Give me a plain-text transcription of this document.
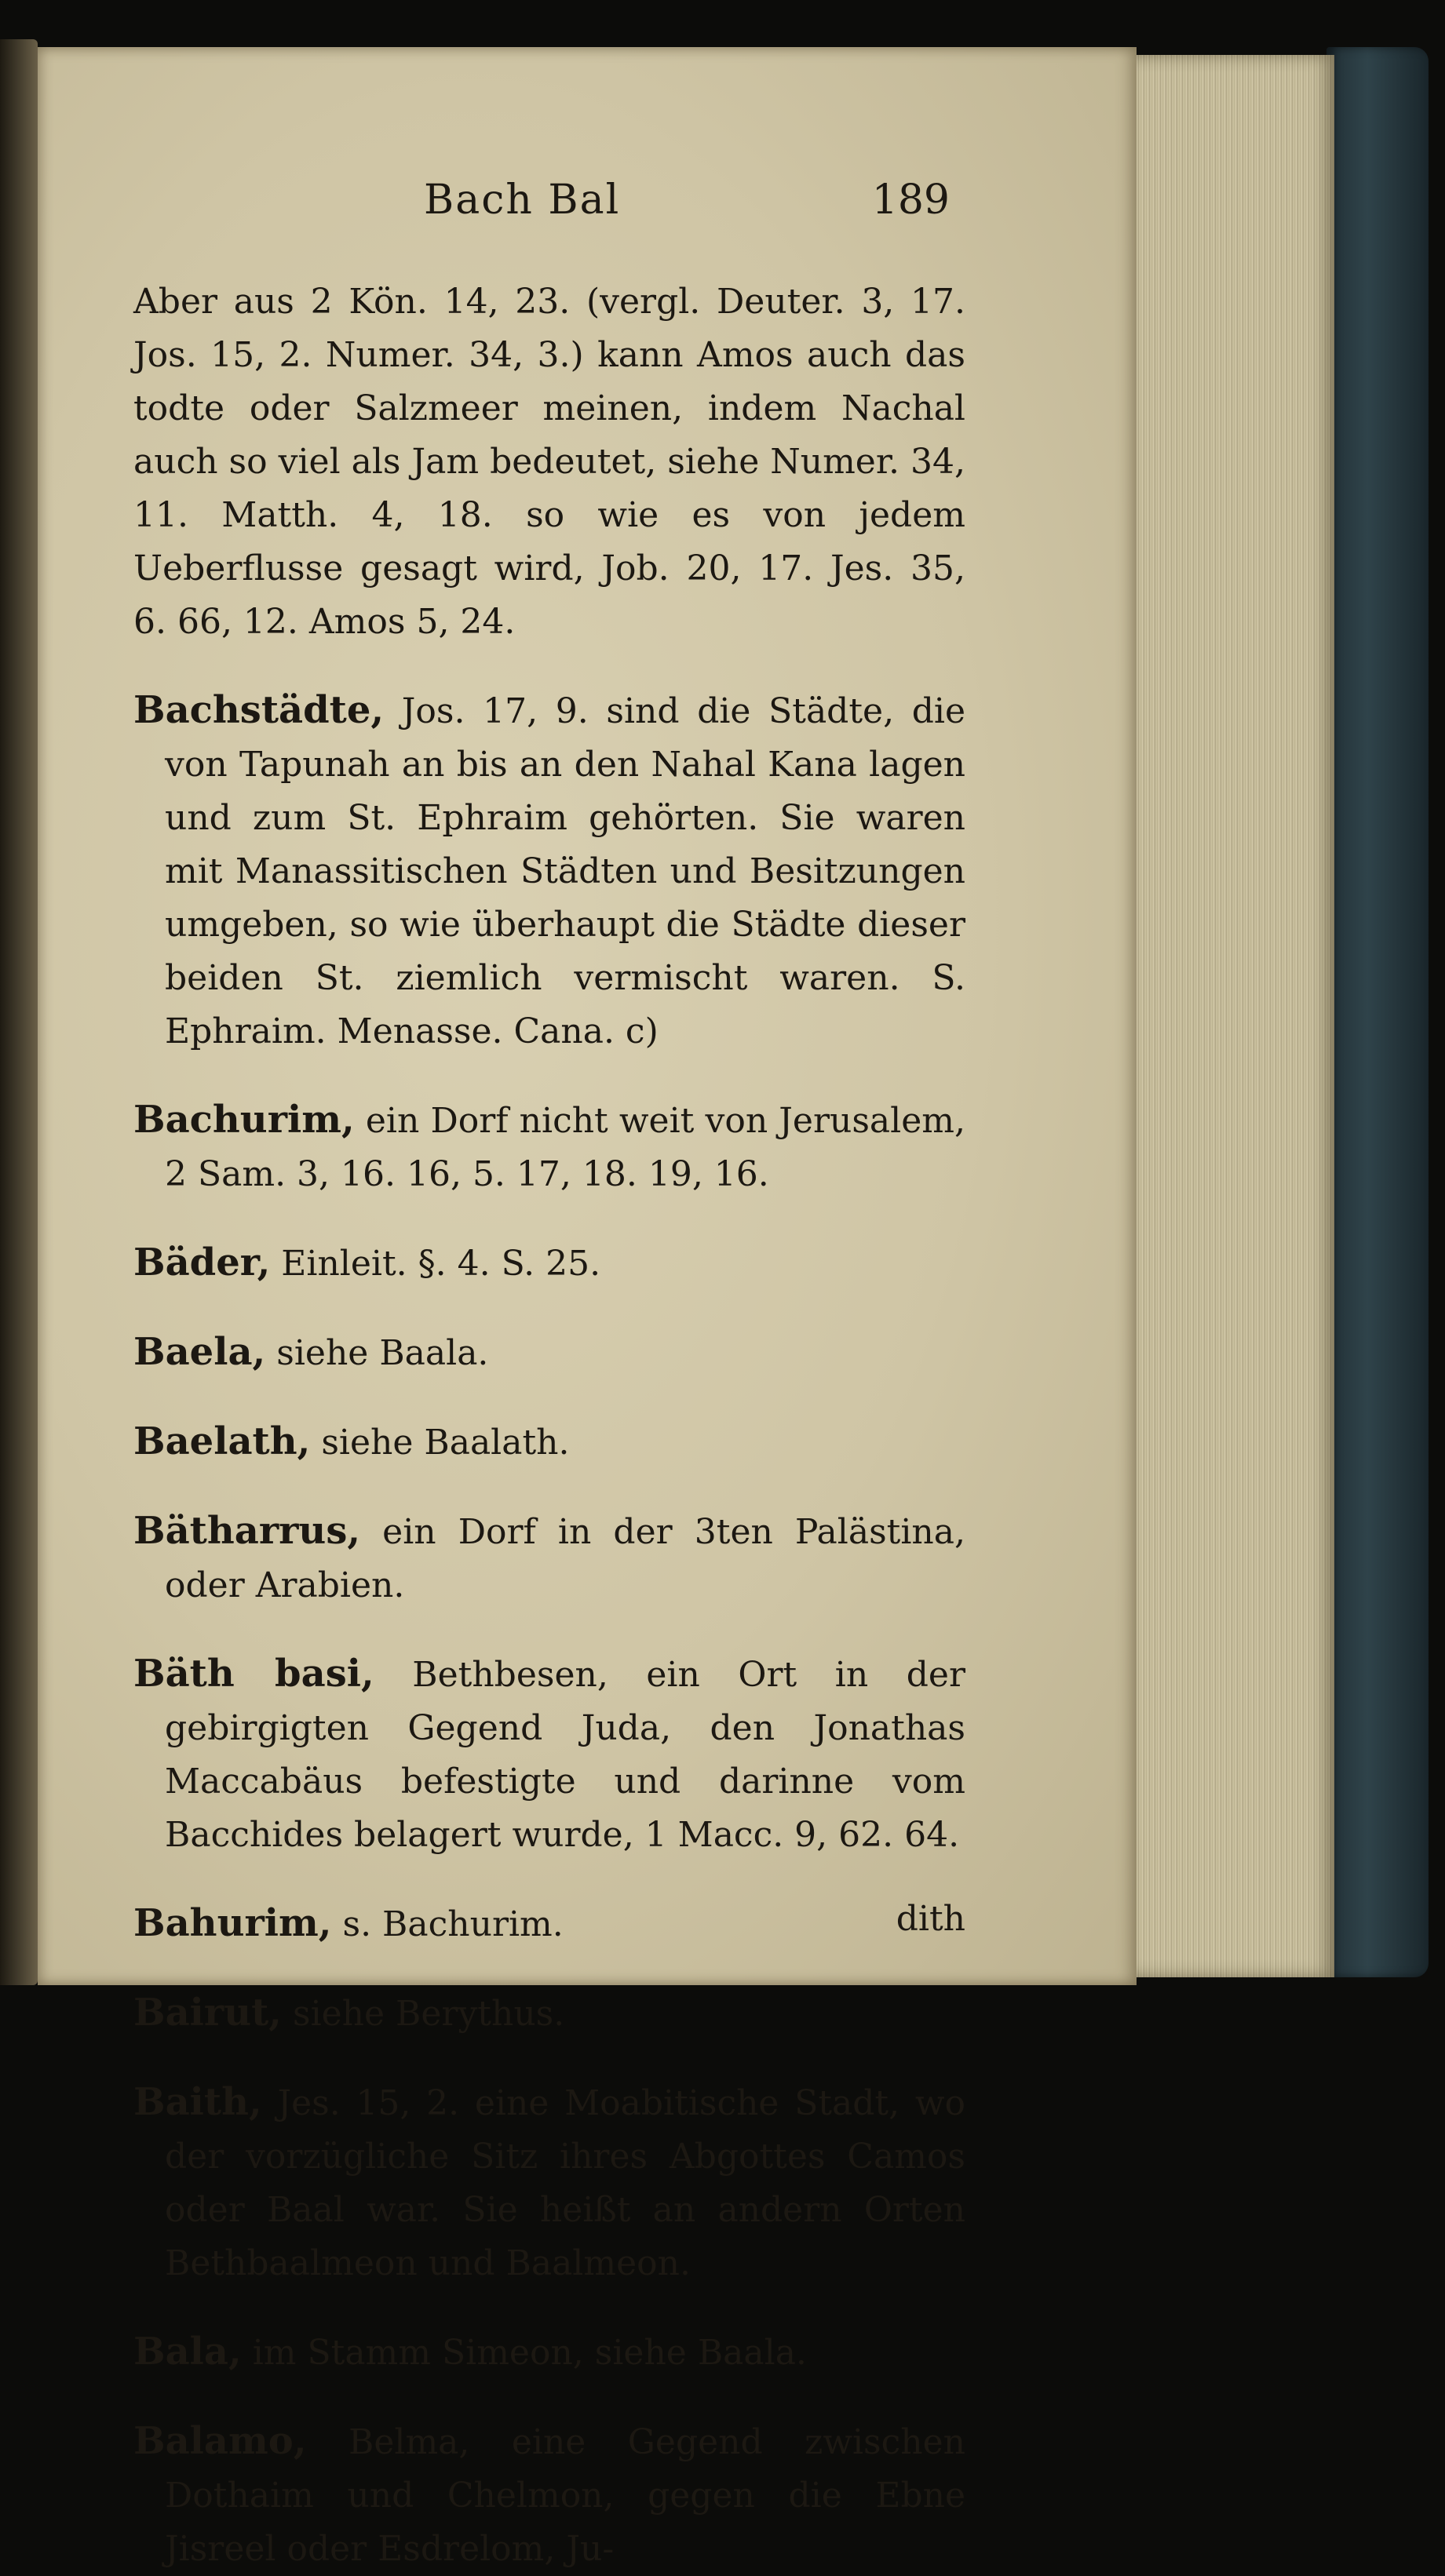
Bach Bal	189

Aber aus 2 Kön. 14, 23. (vergl. Deuter. 3, 17. Jos. 15, 2. Numer. 34, 3.) kann Amos auch das todte oder Salzmeer meinen, indem Nachal auch so viel als Jam bedeutet, siehe Numer. 34, 11. Matth. 4, 18. so wie es von jedem Ueberflusse gesagt wird, Job. 20, 17. Jes. 35, 6. 66, 12. Amos 5, 24.

Bachstädte, Jos. 17, 9. sind die Städte, die von Tapunah an bis an den Nahal Kana lagen und zum St. Ephraim gehörten. Sie waren mit Manassitischen Städten und Besitzungen umgeben, so wie überhaupt die Städte dieser beiden St. ziemlich vermischt waren. S. Ephraim. Menasse. Cana. c)

Bachurim, ein Dorf nicht weit von Jerusalem, 2 Sam. 3, 16. 16, 5. 17, 18. 19, 16.

Bäder, Einleit. §. 4. S. 25.

Baela, siehe Baala.

Baelath, siehe Baalath.

Bätharrus, ein Dorf in der 3ten Palästina, oder Arabien.

Bäth basi, Bethbesen, ein Ort in der gebirgigten Gegend Juda, den Jonathas Maccabäus befestigte und darinne vom Bacchides belagert wurde, 1 Macc. 9, 62. 64.

Bahurim, s. Bachurim.

Bairut, siehe Berythus.

Baith, Jes. 15, 2. eine Moabitische Stadt, wo der vorzügliche Sitz ihres Abgottes Camos oder Baal war. Sie heißt an andern Orten Bethbaalmeon und Baalmeon.

Bala, im Stamm Simeon, siehe Baala.

Balamo, Belma, eine Gegend zwischen Dothaim und Chelmon, gegen die Ebne Jisreel oder Esdrelom, Ju-

dith
